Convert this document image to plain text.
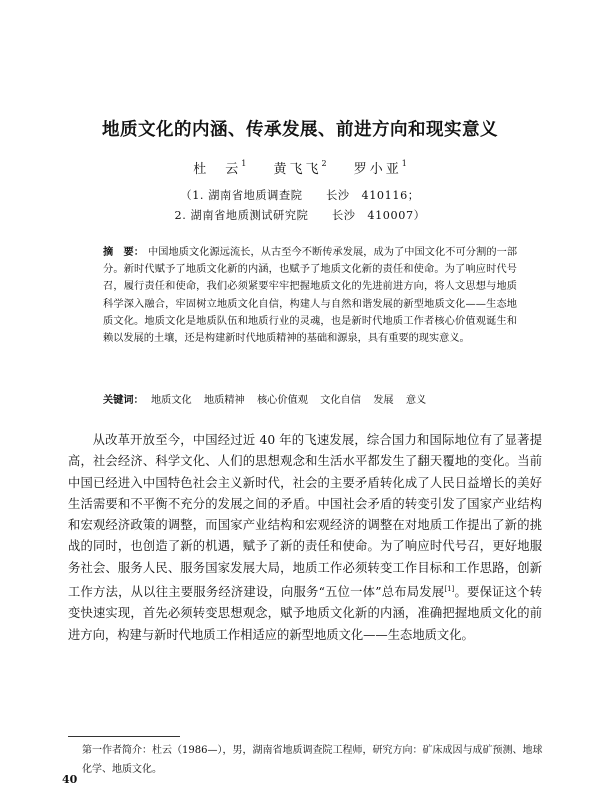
地质文化的内涵、传承发展、前进方向和现实意义
杜　云$^1$ 黄飞飞$^2$ 罗小亚$^1$
（1. 湖南省地质调查院　　长沙　410116；
2. 湖南省地质测试研究院　　长沙　410007）
摘　要： 中国地质文化源远流长，从古至今不断传承发展，成为了中国文化不可分割的一部分。新时代赋予了地质文化新的内涵，也赋予了地质文化新的责任和使命。为了响应时代号召，履行责任和使命，我们必须紧要牢牢把握地质文化的先进前进方向，将人文思想与地质科学深入融合，牢固树立地质文化自信，构建人与自然和谐发展的新型地质文化——生态地质文化。地质文化是地质队伍和地质行业的灵魂，也是新时代地质工作者核心价值观诞生和赖以发展的土壤，还是构建新时代地质精神的基础和源泉，具有重要的现实意义。
关键词： 地质文化 地质精神 核心价值观 文化自信 发展 意义

从改革开放至今，中国经过近 40 年的飞速发展，综合国力和国际地位有了显著提高，社会经济、科学文化、人们的思想观念和生活水平都发生了翻天覆地的变化。当前中国已经进入中国特色社会主义新时代，社会的主要矛盾转化成了人民日益增长的美好生活需要和不平衡不充分的发展之间的矛盾。中国社会矛盾的转变引发了国家产业结构和宏观经济政策的调整，而国家产业结构和宏观经济的调整在对地质工作提出了新的挑战的同时，也创造了新的机遇，赋予了新的责任和使命。为了响应时代号召，更好地服务社会、服务人民、服务国家发展大局，地质工作必须转变工作目标和工作思路，创新工作方法，从以往主要服务经济建设，向服务“五位一体”总布局发展[1]。要保证这个转变快速实现，首先必须转变思想观念，赋予地质文化新的内涵，准确把握地质文化的前进方向，构建与新时代地质工作相适应的新型地质文化——生态地质文化。

第一作者简介：杜云（1986—），男，湖南省地质调查院工程师，研究方向：矿床成因与成矿预测、地球化学、地质文化。
40
